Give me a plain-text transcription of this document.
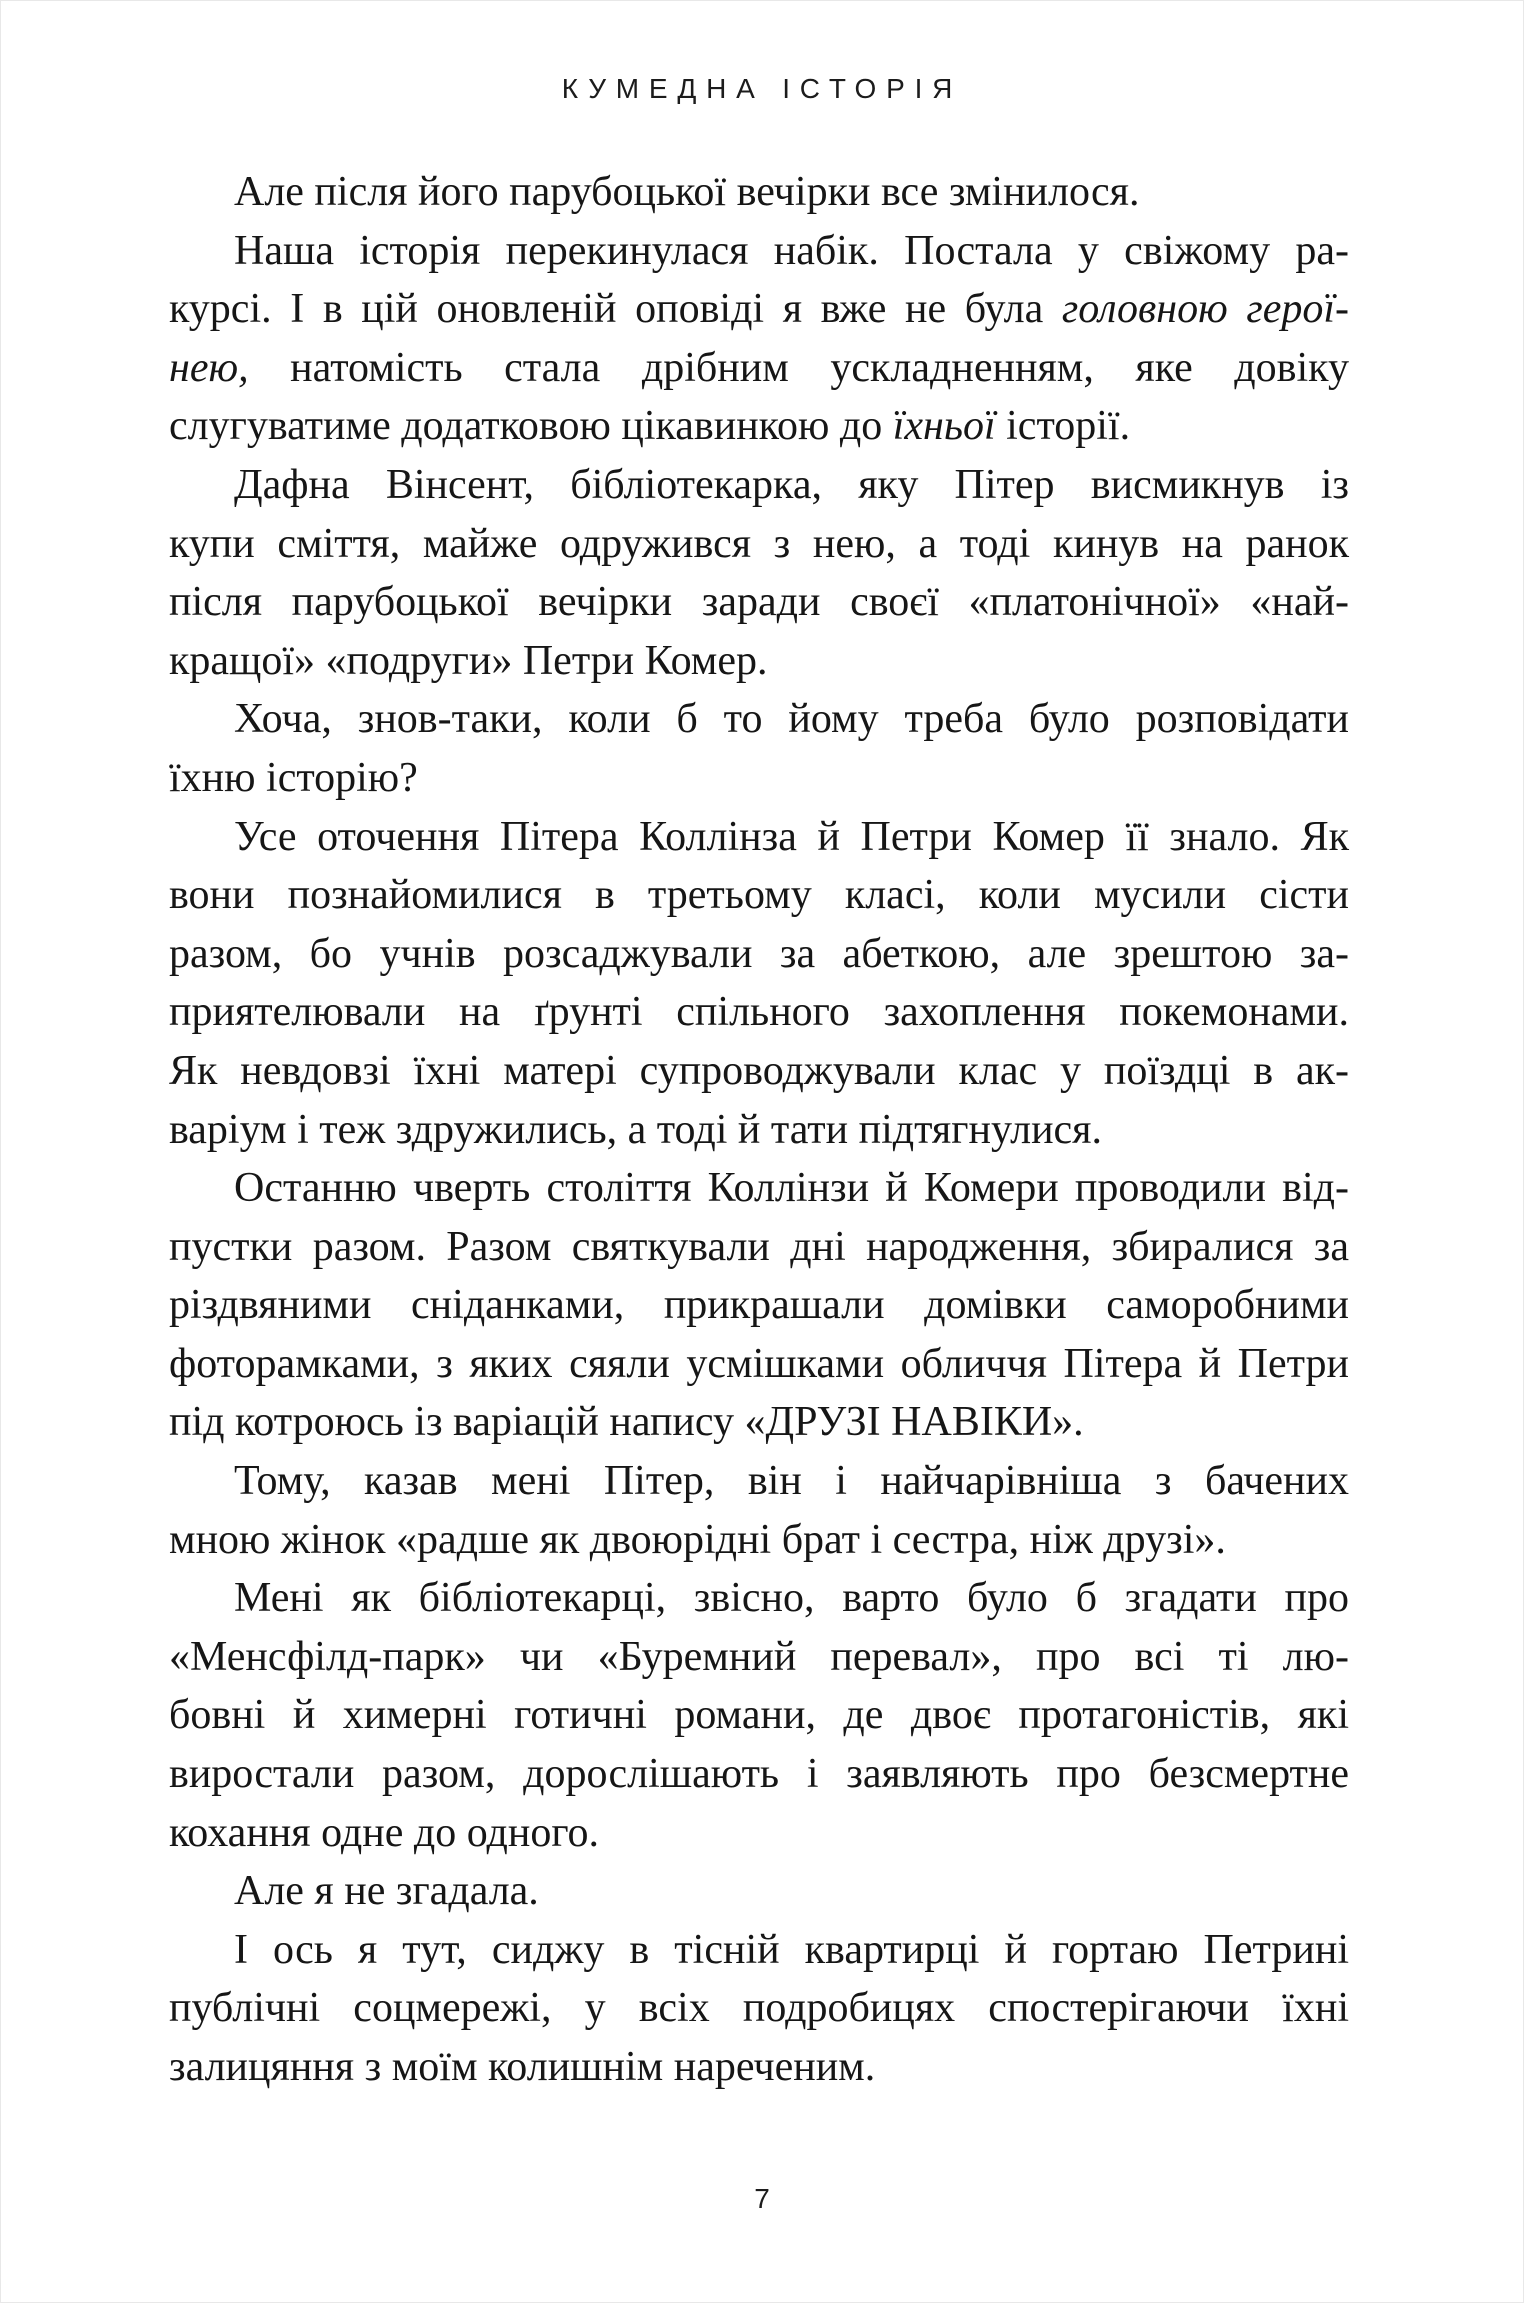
КУМЕДНА ІСТОРІЯ
Але після його парубоцької вечірки все змінилося.
Наша історія перекинулася набік. Постала у свіжому ра-
курсі. І в цій оновленій оповіді я вже не була головною герої-
нею, натомість стала дрібним ускладненням, яке довіку
слугуватиме додатковою цікавинкою до їхньої історії.
Дафна Вінсент, бібліотекарка, яку Пітер висмикнув із
купи сміття, майже одружився з нею, а тоді кинув на ранок
після парубоцької вечірки заради своєї «платонічної» «най-
кращої» «подруги» Петри Комер.
Хоча, знов-таки, коли б то йому треба було розповідати
їхню історію?
Усе оточення Пітера Коллінза й Петри Комер її знало. Як
вони познайомилися в третьому класі, коли мусили сісти
разом, бо учнів розсаджували за абеткою, але зрештою за-
приятелювали на ґрунті спільного захоплення покемонами.
Як невдовзі їхні матері супроводжували клас у поїздці в ак-
варіум і теж здружились, а тоді й тати підтягнулися.
Останню чверть століття Коллінзи й Комери проводили від-
пустки разом. Разом святкували дні народження, збиралися за
різдвяними сніданками, прикрашали домівки саморобними
фоторамками, з яких сяяли усмішками обличчя Пітера й Петри
під котроюсь із варіацій напису «ДРУЗІ НАВІКИ».
Тому, казав мені Пітер, він і найчарівніша з бачених
мною жінок «радше як двоюрідні брат і сестра, ніж друзі».
Мені як бібліотекарці, звісно, варто було б згадати про
«Менсфілд-парк» чи «Буремний перевал», про всі ті лю-
бовні й химерні готичні романи, де двоє протагоністів, які
виростали разом, дорослішають і заявляють про безсмертне
кохання одне до одного.
Але я не згадала.
І ось я тут, сиджу в тісній квартирці й гортаю Петрині
публічні соцмережі, у всіх подробицях спостерігаючи їхні
залицяння з моїм колишнім нареченим.
7
